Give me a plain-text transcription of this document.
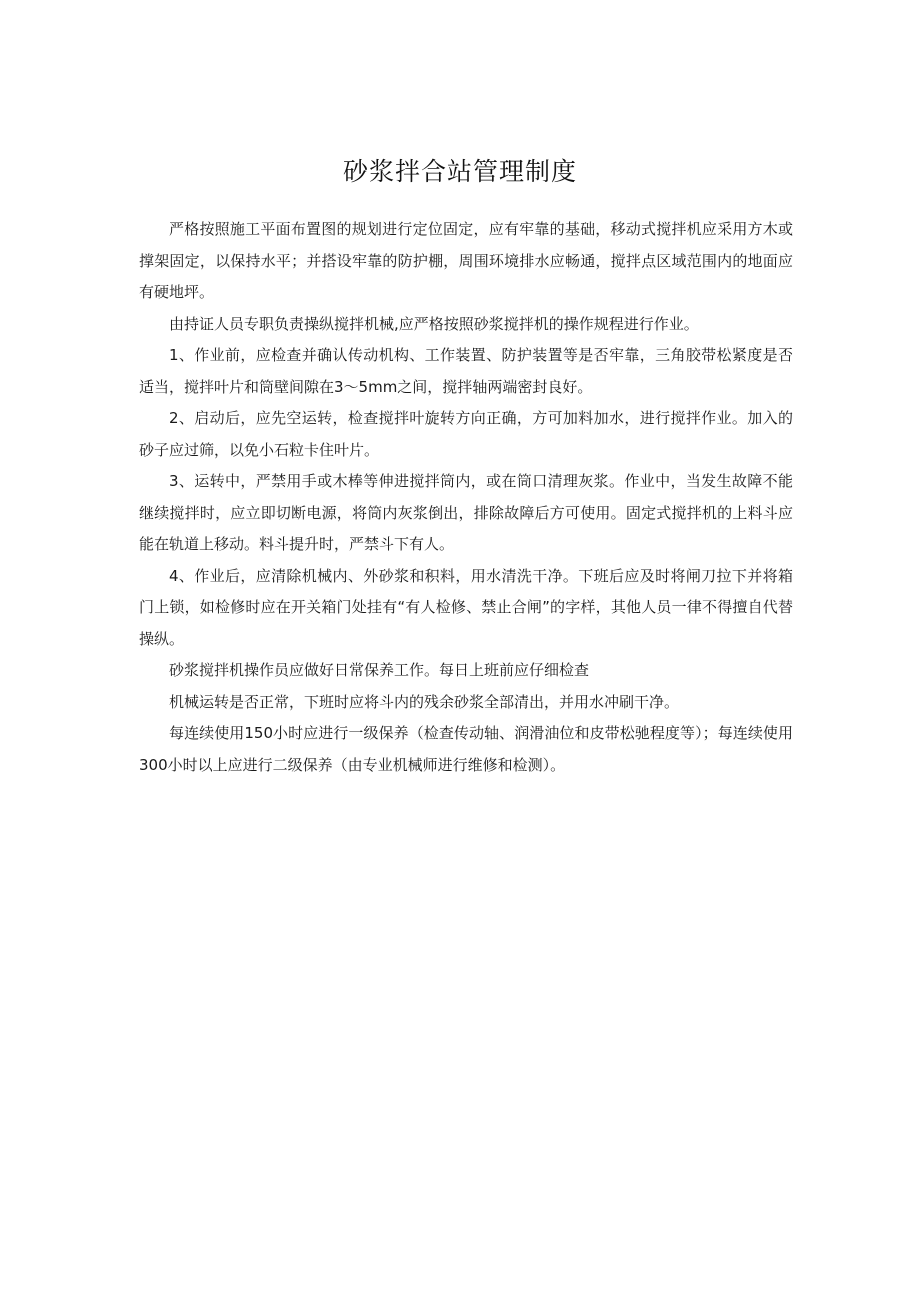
砂浆拌合站管理制度

严格按照施工平面布置图的规划进行定位固定，应有牢靠的基础，移动式搅拌机应采用方木或撑架固定，以保持水平；并搭设牢靠的防护棚，周围环境排水应畅通，搅拌点区域范围内的地面应有硬地坪。

由持证人员专职负责操纵搅拌机械,应严格按照砂浆搅拌机的操作规程进行作业。

1、作业前，应检查并确认传动机构、工作装置、防护装置等是否牢靠，三角胶带松紧度是否适当，搅拌叶片和筒壁间隙在3～5mm之间，搅拌轴两端密封良好。

2、启动后，应先空运转，检查搅拌叶旋转方向正确，方可加料加水，进行搅拌作业。加入的砂子应过筛，以免小石粒卡住叶片。

3、运转中，严禁用手或木棒等伸进搅拌筒内，或在筒口清理灰浆。作业中，当发生故障不能继续搅拌时，应立即切断电源，将筒内灰浆倒出，排除故障后方可使用。固定式搅拌机的上料斗应能在轨道上移动。料斗提升时，严禁斗下有人。

4、作业后，应清除机械内、外砂浆和积料，用水清洗干净。下班后应及时将闸刀拉下并将箱门上锁，如检修时应在开关箱门处挂有“有人检修、禁止合闸”的字样，其他人员一律不得擅自代替操纵。

砂浆搅拌机操作员应做好日常保养工作。每日上班前应仔细检查

机械运转是否正常，下班时应将斗内的残余砂浆全部清出，并用水冲刷干净。

每连续使用150小时应进行一级保养（检查传动轴、润滑油位和皮带松驰程度等）；每连续使用300小时以上应进行二级保养（由专业机械师进行维修和检测）。
